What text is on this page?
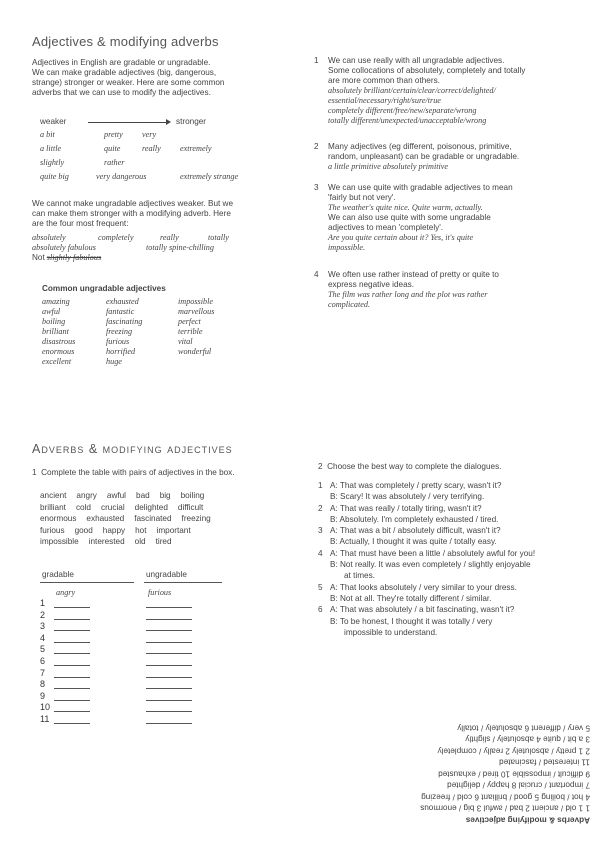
Adjectives & modifying adverbs
Adjectives in English are gradable or ungradable.
We can make gradable adjectives (big, dangerous,
strange) stronger or weaker. Here are some common
adverbs that we can use to modify the adjectives.
weaker	stronger
a bit	pretty very
a little	quite	really extremely
slightly	rather
quite big	very dangerous	extremely strange
We cannot make ungradable adjectives weaker. But we
can make them stronger with a modifying adverb. Here
are the four most frequent:
absolutely	completely	really	totally
absolutely fabulous	totally spine-chilling
Not slightly fabulous
Common ungradable adjectives
amazing	exhausted	impossible
awful	fantastic	marvellous
boiling	fascinating	perfect
brilliant	freezing	terrible
disastrous	furious	vital
enormous	horrified	wonderful
excellent	huge
1 We can use really with all ungradable adjectives.
Some collocations of absolutely, completely and totally
are more common than others.
absolutely brilliant/certain/clear/correct/delighted/
essential/necessary/right/sure/true
completely different/free/new/separate/wrong
totally different/unexpected/unacceptable/wrong
2 Many adjectives (eg different, poisonous, primitive,
random, unpleasant) can be gradable or ungradable.
a little primitive absolutely primitive
3 We can use quite with gradable adjectives to mean
'fairly but not very'.
The weather's quite nice. Quite warm, actually.
We can also use quite with some ungradable
adjectives to mean 'completely'.
Are you quite certain about it? Yes, it's quite
impossible.
4 We often use rather instead of pretty or quite to
express negative ideas.
The film was rather long and the plot was rather
complicated.
Adverbs & modifying adjectives
1 Complete the table with pairs of adjectives in the box.
ancient angry awful bad big boiling
brilliant cold crucial delighted difficult
enormous exhausted fascinated freezing
furious good happy hot important
impossible interested old tired
gradable	ungradable
angry	furious
1
2
3
4
5
6
7
8
9
10
11
2 Choose the best way to complete the dialogues.
1 A: That was completely / pretty scary, wasn't it?
B: Scary! It was absolutely / very terrifying.
2 A: That was really / totally tiring, wasn't it?
B: Absolutely. I'm completely exhausted / tired.
3 A: That was a bit / absolutely difficult, wasn't it?
B: Actually, I thought it was quite / totally easy.
4 A: That must have been a little / absolutely awful for you!
B: Not really. It was even completely / slightly enjoyable
at times.
5 A: That looks absolutely / very similar to your dress.
B: Not at all. They're totally different / similar.
6 A: That was absolutely / a bit fascinating, wasn't it?
B: To be honest, I thought it was totally / very
impossible to understand.
Adverbs & modifying adjectives
1 1 old / ancient 2 bad / awful 3 big / enormous
4 hot / boiling 5 good / brilliant 6 cold / freezing
7 important / crucial 8 happy / delighted
9 difficult / impossible 10 tired / exhausted
11 interested / fascinated
2 1 pretty / absolutely 2 really / completely
3 a bit / quite 4 absolutely / slightly
5 very / different 6 absolutely / totally
